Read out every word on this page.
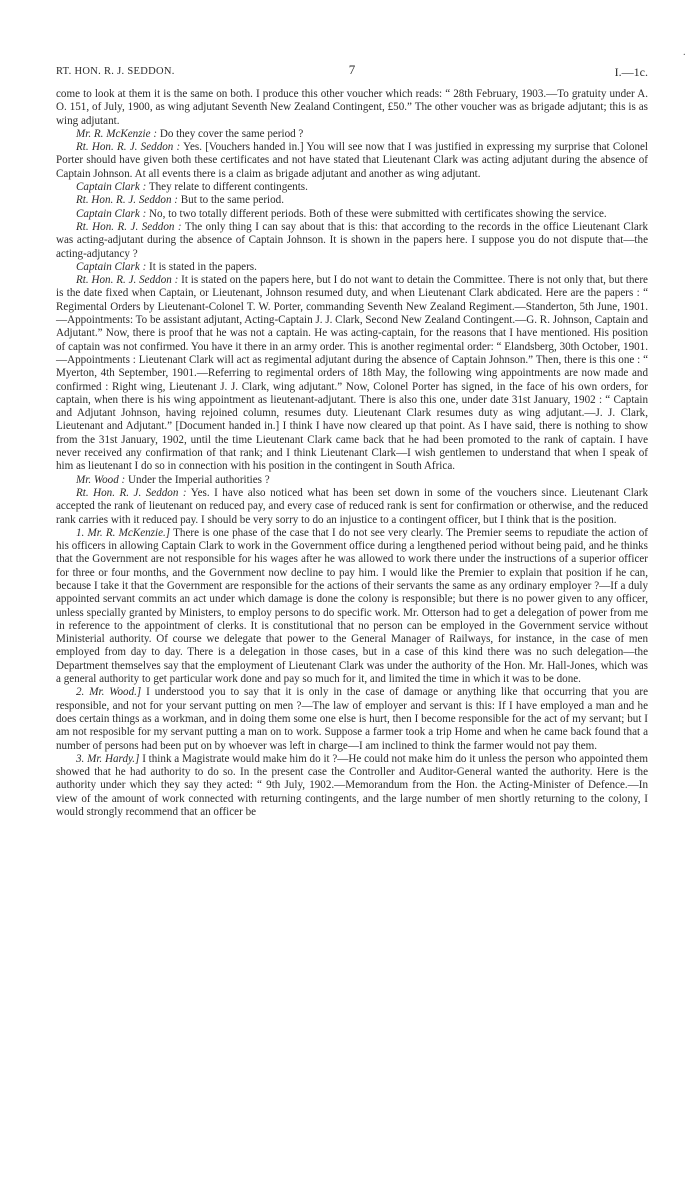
·
RT. HON. R. J. SEDDON.	7	I.—1c.

come to look at them it is the same on both. I produce this other voucher which reads: “ 28th February, 1903.—To gratuity under A. O. 151, of July, 1900, as wing adjutant Seventh New Zealand Contingent, £50.” The other voucher was as brigade adjutant; this is as wing adjutant.

Mr. R. McKenzie : Do they cover the same period ?

Rt. Hon. R. J. Seddon : Yes. [Vouchers handed in.] You will see now that I was justified in expressing my surprise that Colonel Porter should have given both these certificates and not have stated that Lieutenant Clark was acting adjutant during the absence of Captain Johnson. At all events there is a claim as brigade adjutant and another as wing adjutant.

Captain Clark : They relate to different contingents.

Rt. Hon. R. J. Seddon : But to the same period.

Captain Clark : No, to two totally different periods. Both of these were submitted with certificates showing the service.

Rt. Hon. R. J. Seddon : The only thing I can say about that is this: that according to the records in the office Lieutenant Clark was acting-adjutant during the absence of Captain Johnson. It is shown in the papers here. I suppose you do not dispute that—the acting-adjutancy ?

Captain Clark : It is stated in the papers.

Rt. Hon. R. J. Seddon : It is stated on the papers here, but I do not want to detain the Committee. There is not only that, but there is the date fixed when Captain, or Lieutenant, Johnson resumed duty, and when Lieutenant Clark abdicated. Here are the papers : “ Regimental Orders by Lieutenant-Colonel T. W. Porter, commanding Seventh New Zealand Regiment.—Standerton, 5th June, 1901.—Appointments: To be assistant adjutant, Acting-Captain J. J. Clark, Second New Zealand Contingent.—G. R. Johnson, Captain and Adjutant.” Now, there is proof that he was not a captain. He was acting-captain, for the reasons that I have mentioned. His position of captain was not confirmed. You have it there in an army order. This is another regimental order: “ Elandsberg, 30th October, 1901.—Appointments : Lieutenant Clark will act as regimental adjutant during the absence of Captain Johnson.” Then, there is this one : “ Myerton, 4th September, 1901.—Referring to regimental orders of 18th May, the following wing appointments are now made and confirmed : Right wing, Lieutenant J. J. Clark, wing adjutant.” Now, Colonel Porter has signed, in the face of his own orders, for captain, when there is his wing appointment as lieutenant-adjutant. There is also this one, under date 31st January, 1902 : “ Captain and Adjutant Johnson, having rejoined column, resumes duty. Lieutenant Clark resumes duty as wing adjutant.—J. J. Clark, Lieutenant and Adjutant.” [Document handed in.] I think I have now cleared up that point. As I have said, there is nothing to show from the 31st January, 1902, until the time Lieutenant Clark came back that he had been promoted to the rank of captain. I have never received any confirmation of that rank; and I think Lieutenant Clark—I wish gentlemen to understand that when I speak of him as lieutenant I do so in connection with his position in the contingent in South Africa.

Mr. Wood : Under the Imperial authorities ?

Rt. Hon. R. J. Seddon : Yes. I have also noticed what has been set down in some of the vouchers since. Lieutenant Clark accepted the rank of lieutenant on reduced pay, and every case of reduced rank is sent for confirmation or otherwise, and the reduced rank carries with it reduced pay. I should be very sorry to do an injustice to a contingent officer, but I think that is the position.

1. Mr. R. McKenzie.] There is one phase of the case that I do not see very clearly. The Premier seems to repudiate the action of his officers in allowing Captain Clark to work in the Government office during a lengthened period without being paid, and he thinks that the Government are not responsible for his wages after he was allowed to work there under the instructions of a superior officer for three or four months, and the Government now decline to pay him. I would like the Premier to explain that position if he can, because I take it that the Government are responsible for the actions of their servants the same as any ordinary employer ?—If a duly appointed servant commits an act under which damage is done the colony is responsible; but there is no power given to any officer, unless specially granted by Ministers, to employ persons to do specific work. Mr. Otterson had to get a delegation of power from me in reference to the appointment of clerks. It is constitutional that no person can be employed in the Government service without Ministerial authority. Of course we delegate that power to the General Manager of Railways, for instance, in the case of men employed from day to day. There is a delegation in those cases, but in a case of this kind there was no such delegation—the Department themselves say that the employment of Lieutenant Clark was under the authority of the Hon. Mr. Hall-Jones, which was a general authority to get particular work done and pay so much for it, and limited the time in which it was to be done.

2. Mr. Wood.] I understood you to say that it is only in the case of damage or anything like that occurring that you are responsible, and not for your servant putting on men ?—The law of employer and servant is this: If I have employed a man and he does certain things as a workman, and in doing them some one else is hurt, then I become responsible for the act of my servant; but I am not resposible for my servant putting a man on to work. Suppose a farmer took a trip Home and when he came back found that a number of persons had been put on by whoever was left in charge—I am inclined to think the farmer would not pay them.

3. Mr. Hardy.] I think a Magistrate would make him do it ?—He could not make him do it unless the person who appointed them showed that he had authority to do so. In the present case the Controller and Auditor-General wanted the authority. Here is the authority under which they say they acted: “ 9th July, 1902.—Memorandum from the Hon. the Acting-Minister of Defence.—In view of the amount of work connected with returning contingents, and the large number of men shortly returning to the colony, I would strongly recommend that an officer be
